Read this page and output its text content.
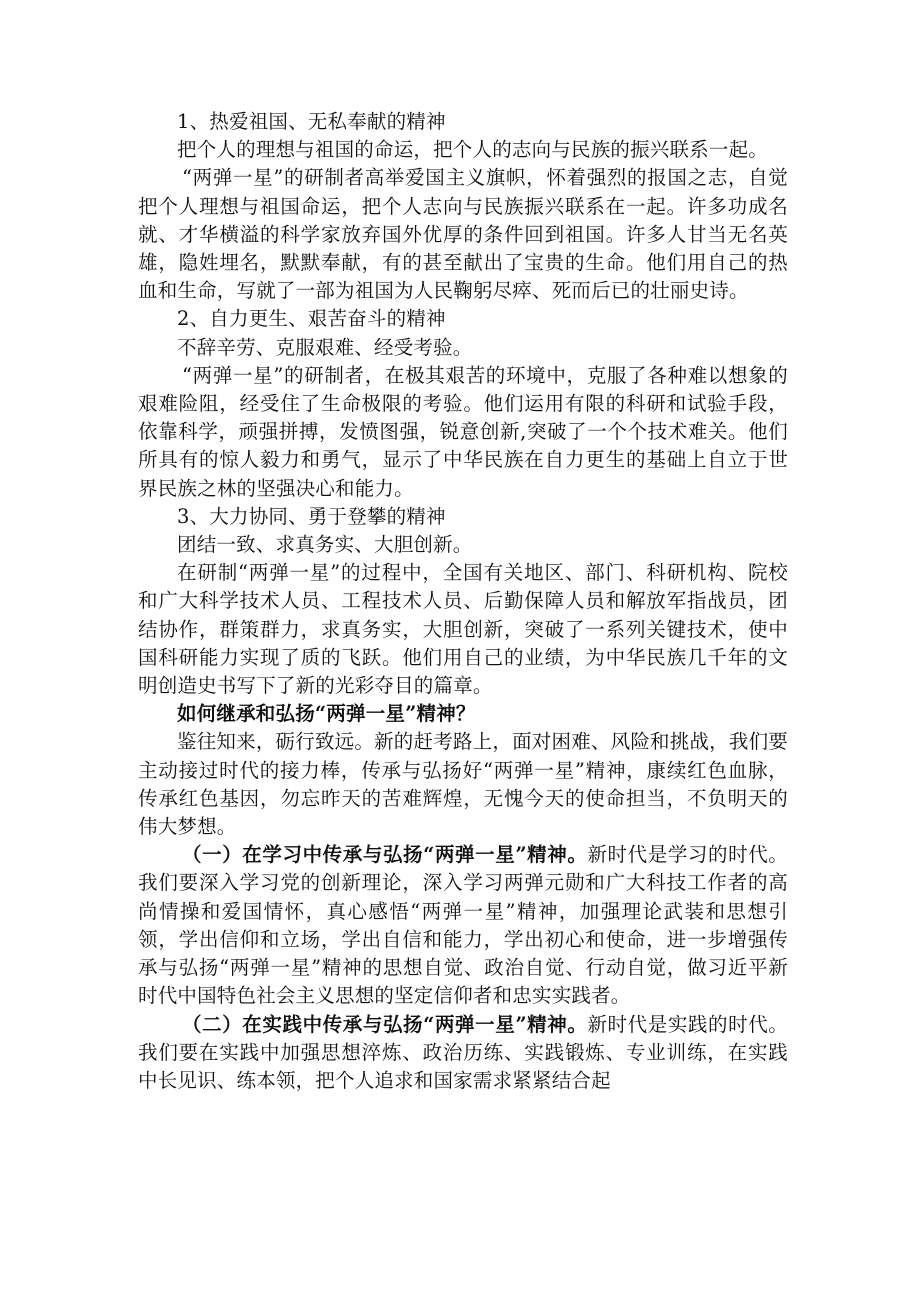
1、热爱祖国、无私奉献的精神

把个人的理想与祖国的命运，把个人的志向与民族的振兴联系一起。

“两弹一星”的研制者高举爱国主义旗帜，怀着强烈的报国之志，自觉把个人理想与祖国命运，把个人志向与民族振兴联系在一起。许多功成名就、才华横溢的科学家放弃国外优厚的条件回到祖国。许多人甘当无名英雄，隐姓埋名，默默奉献，有的甚至献出了宝贵的生命。他们用自己的热血和生命，写就了一部为祖国为人民鞠躬尽瘁、死而后已的壮丽史诗。

2、自力更生、艰苦奋斗的精神

不辞辛劳、克服艰难、经受考验。

“两弹一星”的研制者，在极其艰苦的环境中，克服了各种难以想象的艰难险阻，经受住了生命极限的考验。他们运用有限的科研和试验手段，依靠科学，顽强拼搏，发愤图强，锐意创新,突破了一个个技术难关。他们所具有的惊人毅力和勇气，显示了中华民族在自力更生的基础上自立于世界民族之林的坚强决心和能力。

3、大力协同、勇于登攀的精神

团结一致、求真务实、大胆创新。

在研制“两弹一星”的过程中，全国有关地区、部门、科研机构、院校和广大科学技术人员、工程技术人员、后勤保障人员和解放军指战员，团结协作，群策群力，求真务实，大胆创新，突破了一系列关键技术，使中国科研能力实现了质的飞跃。他们用自己的业绩，为中华民族几千年的文明创造史书写下了新的光彩夺目的篇章。

如何继承和弘扬“两弹一星”精神？

鉴往知来，砺行致远。新的赶考路上，面对困难、风险和挑战，我们要主动接过时代的接力棒，传承与弘扬好“两弹一星”精神，康续红色血脉，传承红色基因，勿忘昨天的苦难辉煌，无愧今天的使命担当，不负明天的伟大梦想。

（一）在学习中传承与弘扬“两弹一星”精神。新时代是学习的时代。我们要深入学习党的创新理论，深入学习两弹元勋和广大科技工作者的高尚情操和爱国情怀，真心感悟“两弹一星”精神，加强理论武装和思想引领，学出信仰和立场，学出自信和能力，学出初心和使命，进一步增强传承与弘扬“两弹一星”精神的思想自觉、政治自觉、行动自觉，做习近平新时代中国特色社会主义思想的坚定信仰者和忠实实践者。

（二）在实践中传承与弘扬“两弹一星”精神。新时代是实践的时代。我们要在实践中加强思想淬炼、政治历练、实践锻炼、专业训练，在实践中长见识、练本领，把个人追求和国家需求紧紧结合起
